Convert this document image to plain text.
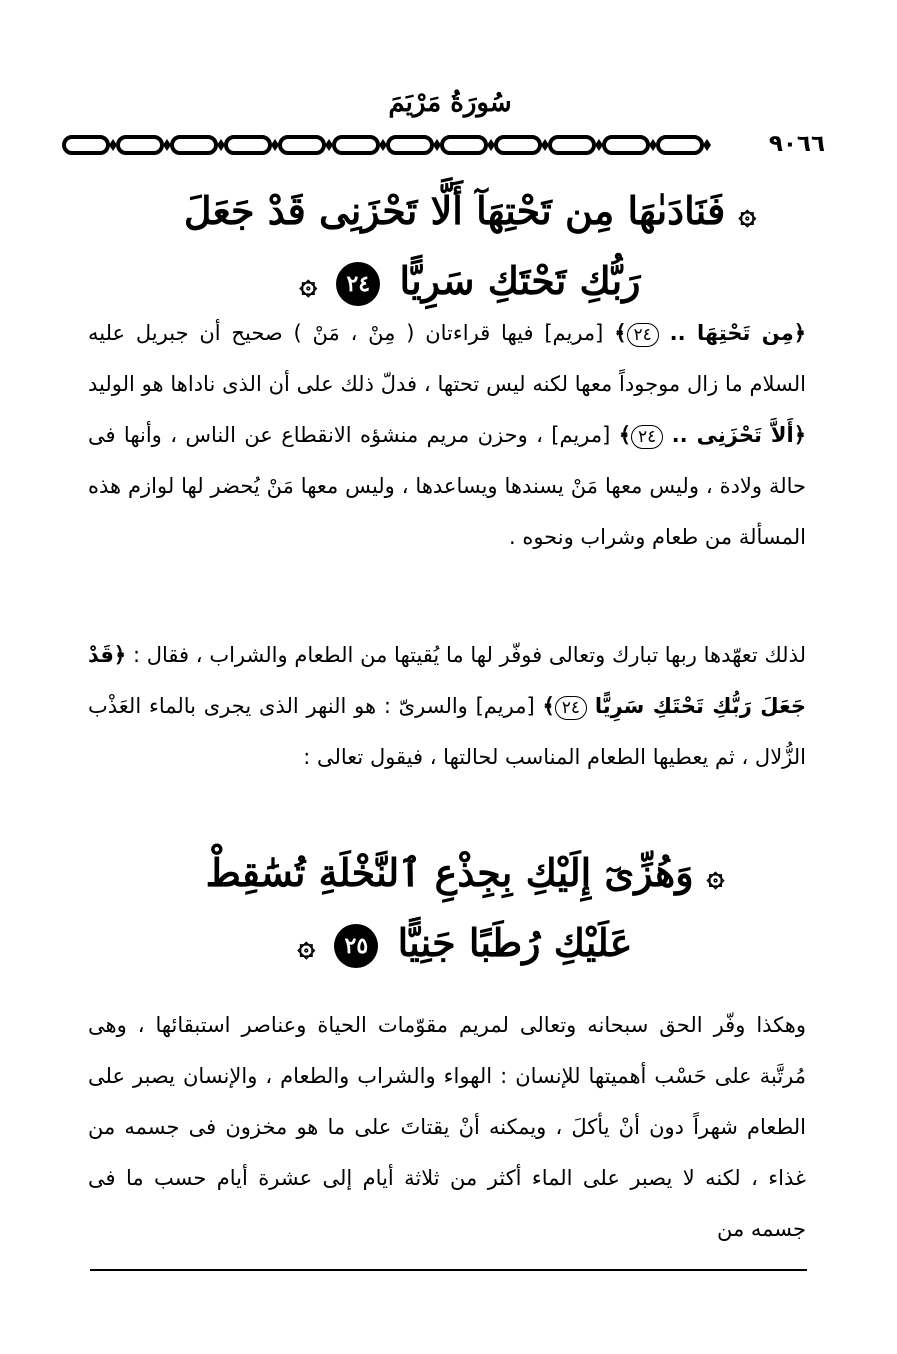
سُورَةُ مَرْيَمَ
٩٠٦٦
۞ فَنَادَىٰهَا مِن تَحْتِهَآ أَلَّا تَحْزَنِى قَدْ جَعَلَ
رَبُّكِ تَحْتَكِ سَرِيًّا ٢٤ ۞
﴿مِن تَحْتِهَا .. ٢٤﴾ [مريم] فيها قراءتان ( مِنْ ، مَنْ ) صحيح أن جبريل عليه السلام ما زال موجوداً معها لكنه ليس تحتها ، فدلّ ذلك على أن الذى ناداها هو الوليد ﴿أَلاَّ تَحْزَنِى .. ٢٤﴾ [مريم] ، وحزن مريم منشؤه الانقطاع عن الناس ، وأنها فى حالة ولادة ، وليس معها مَنْ يسندها ويساعدها ، وليس معها مَنْ يُحضر لها لوازم هذه المسألة من طعام وشراب ونحوه .
لذلك تعهّدها ربها تبارك وتعالى فوفّر لها ما يُقيتها من الطعام والشراب ، فقال : ﴿قَدْ جَعَلَ رَبُّكِ تَحْتَكِ سَرِيًّا ٢٤﴾ [مريم] والسرىّ : هو النهر الذى يجرى بالماء العَذْب الزُّلال ، ثم يعطيها الطعام المناسب لحالتها ، فيقول تعالى :
۞ وَهُزِّىٓ إِلَيْكِ بِجِذْعِ ٱلنَّخْلَةِ تُسَٰقِطْ
عَلَيْكِ رُطَبًا جَنِيًّا ٢٥ ۞
وهكذا وفّر الحق سبحانه وتعالى لمريم مقوّمات الحياة وعناصر استبقائها ، وهى مُرتَّبة على حَسْب أهميتها للإنسان : الهواء والشراب والطعام ، والإنسان يصبر على الطعام شهراً دون أنْ يأكلَ ، ويمكنه أنْ يقتاتَ على ما هو مخزون فى جسمه من غذاء ، لكنه لا يصبر على الماء أكثر من ثلاثة أيام إلى عشرة أيام حسب ما فى جسمه من
